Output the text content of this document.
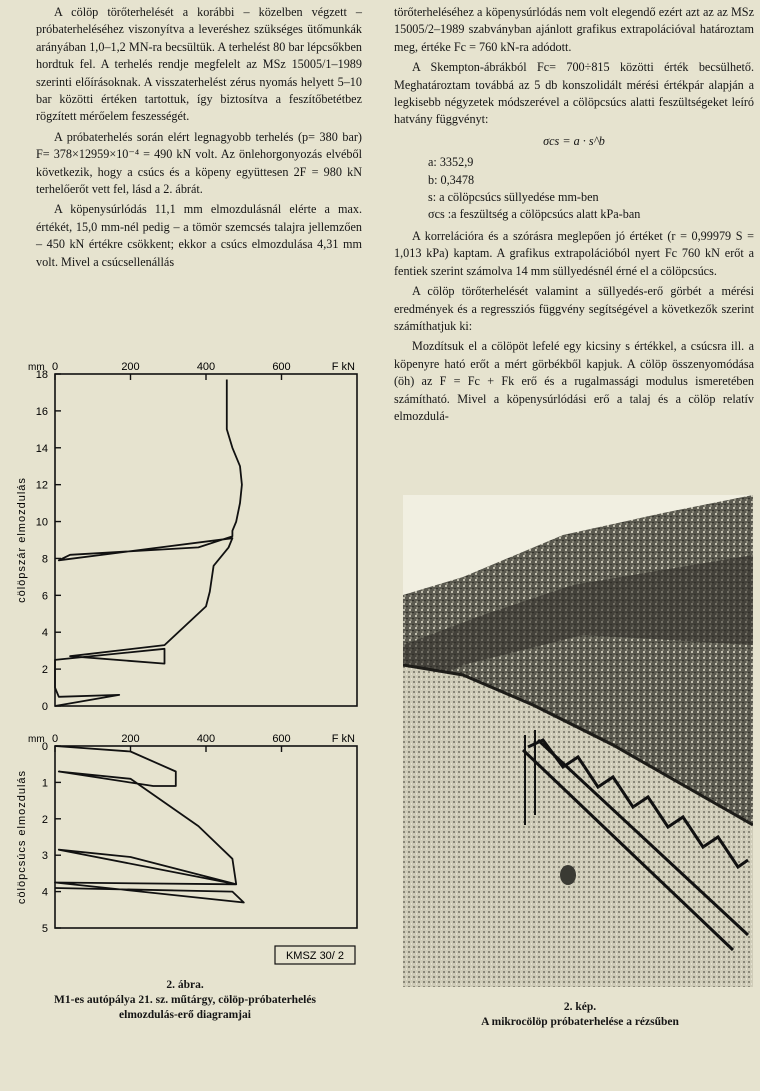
A cölöp törőterhelését a korábbi – közelben végzett – próbaterheléséhez viszonyítva a leveréshez szükséges ütőmunkák arányában 1,0–1,2 MN-ra becsültük. A terhelést 80 bar lépcsőkben hordtuk fel. A terhelés rendje megfelelt az MSz 15005/1–1989 szerinti előírásoknak. A visszaterhelést zérus nyomás helyett 5–10 bar közötti értéken tartottuk, így biztosítva a feszítőbetétbez rögzített mérőelem feszességét.

A próbaterhelés során elért legnagyobb terhelés (p= 380 bar) F= 378×12959×10⁻⁴ = 490 kN volt. Az önlehorgonyozás elvéből következik, hogy a csúcs és a köpeny együttesen 2F = 980 kN terhelőerőt vett fel, lásd a 2. ábrát.

A köpenysúrlódás 11,1 mm elmozdulásnál elérte a max. értékét, 15,0 mm-nél pedig – a tömör szemcsés talajra jellemzően – 450 kN értékre csökkent; ekkor a csúcs elmozdulása 4,31 mm volt. Mivel a csúcsellenállás

törőterheléséhez a köpenysúrlódás nem volt elegendő ezért azt az az MSz 15005/2–1989 szabványban ajánlott grafikus extrapolációval határoztam meg, értéke Fc = 760 kN-ra adódott.

A Skempton-ábrákból Fc= 700÷815 közötti érték becsülhető. Meghatároztam továbbá az 5 db konszolidált mérési értékpár alapján a legkisebb négyzetek módszerével a cölöpcsúcs alatti feszültségeket leíró hatvány függvényt:

σcs = a · s^b
a: 3352,9
b: 0,3478
s: a cölöpcsúcs süllyedése mm-ben
σcs :a feszültség a cölöpcsúcs alatt kPa-ban

A korrelációra és a szórásra meglepően jó értéket (r = 0,99979 S = 1,013 kPa) kaptam. A grafikus extrapolációból nyert Fc 760 kN erőt a fentiek szerint számolva 14 mm süllyedésnél érné el a cölöpcsúcs.

A cölöp törőterhelését valamint a süllyedés-erő görbét a mérési eredmények és a regressziós függvény segítségével a következők szerint számíthatjuk ki:

Mozdítsuk el a cölöpöt lefelé egy kicsiny s értékkel, a csúcsra ill. a köpenyre ható erőt a mért görbékből kapjuk. A cölöp összenyomódása (öh) az F = Fc + Fk erő és a rugalmassági modulus ismeretében számítható. Mivel a köpenysúrlódási erő a talaj és a cölöp relatív elmozdulá-

0	200	400	600	F kN
mm
0
2
4
6
8
10
12
14
16
18
cölöpszár elmozdulás
0	200	400	600	F kN
mm
0
1
2
3
4
5
cölöpcsúcs elmozdulás
KMSZ 30/ 2
2. ábra.
M1-es autópálya 21. sz. műtárgy, cölöp-próbaterhelés
elmozdulás-erő diagramjai
2. kép.
A mikrocölöp próbaterhelése a rézsűben
